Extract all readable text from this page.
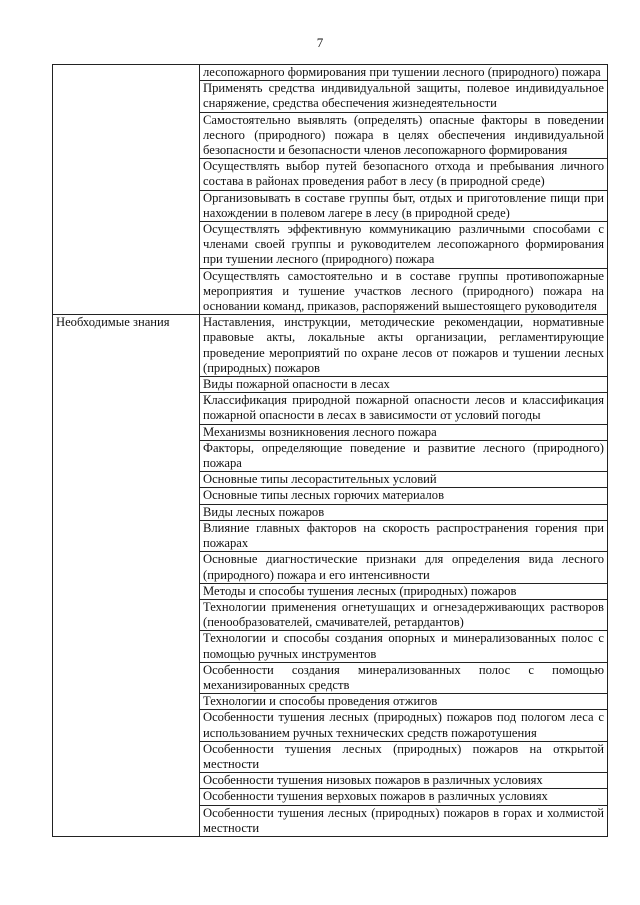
7
	лесопожарного формирования при тушении лесного (природного) пожара
	Применять средства индивидуальной защиты, полевое индивидуальное снаряжение, средства обеспечения жизнедеятельности
	Самостоятельно выявлять (определять) опасные факторы в поведении лесного (природного) пожара в целях обеспечения индивидуальной безопасности и безопасности членов лесопожарного формирования
	Осуществлять выбор путей безопасного отхода и пребывания личного состава в районах проведения работ в лесу (в природной среде)
	Организовывать в составе группы быт, отдых и приготовление пищи при нахождении в полевом лагере в лесу (в природной среде)
	Осуществлять эффективную коммуникацию различными способами с членами своей группы и руководителем лесопожарного формирования при тушении лесного (природного) пожара
	Осуществлять самостоятельно и в составе группы противопожарные мероприятия и тушение участков лесного (природного) пожара на основании команд, приказов, распоряжений вышестоящего руководителя
Необходимые знания	Наставления, инструкции, методические рекомендации, нормативные правовые акты, локальные акты организации, регламентирующие проведение мероприятий по охране лесов от пожаров и тушении лесных (природных) пожаров
	Виды пожарной опасности в лесах
	Классификация природной пожарной опасности лесов и классификация пожарной опасности в лесах в зависимости от условий погоды
	Механизмы возникновения лесного пожара
	Факторы, определяющие поведение и развитие лесного (природного) пожара
	Основные типы лесорастительных условий
	Основные типы лесных горючих материалов
	Виды лесных пожаров
	Влияние главных факторов на скорость распространения горения при пожарах
	Основные диагностические признаки для определения вида лесного (природного) пожара и его интенсивности
	Методы и способы тушения лесных (природных) пожаров
	Технологии применения огнетушащих и огнезадерживающих растворов (пенообразователей, смачивателей, ретардантов)
	Технологии и способы создания опорных и минерализованных полос с помощью ручных инструментов
	Особенности создания минерализованных полос с помощью механизированных средств
	Технологии и способы проведения отжигов
	Особенности тушения лесных (природных) пожаров под пологом леса с использованием ручных технических средств пожаротушения
	Особенности тушения лесных (природных) пожаров на открытой местности
	Особенности тушения низовых пожаров в различных условиях
	Особенности тушения верховых пожаров в различных условиях
	Особенности тушения лесных (природных) пожаров в горах и холмистой местности
